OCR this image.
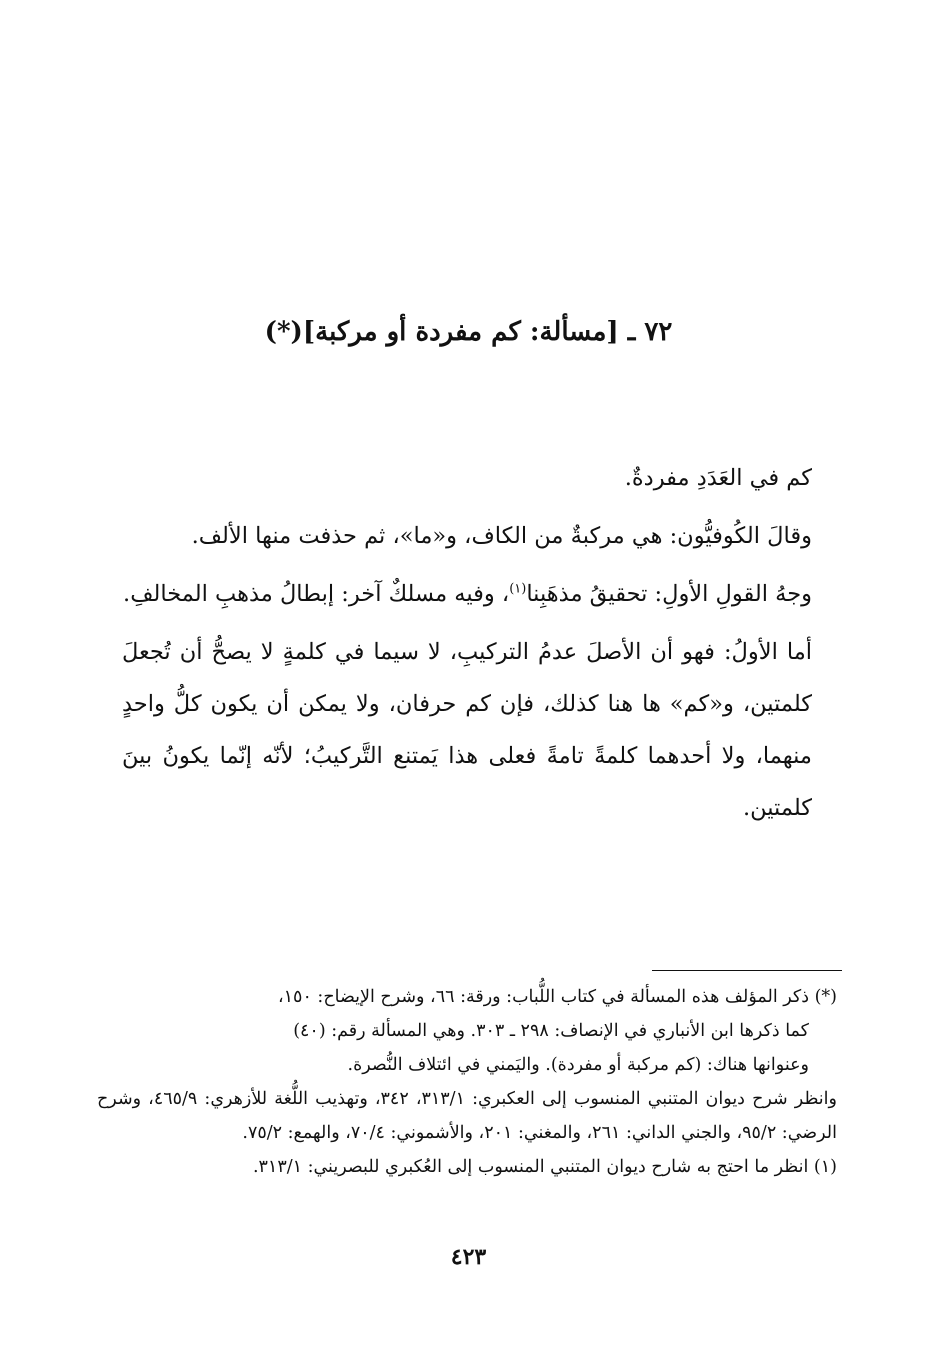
٧٢ ـ [مسألة: كم مفردة أو مركبة](*)

كم في العَدَدِ مفردةٌ.

وقالَ الكُوفيُّون: هي مركبةٌ من الكاف، و«ما»، ثم حذفت منها الألف.

وجهُ القولِ الأولِ: تحقيقُ مذهَبِنا$^{(١)}$، وفيه مسلكٌ آخر: إبطالُ مذهبِ المخالفِ.

أما الأولُ: فهو أن الأصلَ عدمُ التركيبِ، لا سيما في كلمةٍ لا يصحُّ أن تُجعلَ كلمتين، و«كم» ها هنا كذلك، فإن كم حرفان، ولا يمكن أن يكون كلُّ واحدٍ منهما، ولا أحدهما كلمةً تامةً فعلى هذا يَمتنع التَّركيبُ؛ لأنّه إنّما يكونُ بينَ كلمتين.

(*) ذكر المؤلف هذه المسألة في كتاب اللُّباب: ورقة: ٦٦، وشرح الإيضاح: ١٥٠،

كما ذكرها ابن الأنباري في الإنصاف: ٢٩٨ ـ ٣٠٣. وهي المسألة رقم: (٤٠)

وعنوانها هناك: (كم مركبة أو مفردة). واليَمني في ائتلاف النُّصرة.

وانظر شرح ديوان المتنبي المنسوب إلى العكبري: ٣١٣/١، ٣٤٢، وتهذيب اللُّغة للأزهري: ٤٦٥/٩، وشرح الرضي: ٩٥/٢، والجني الداني: ٢٦١، والمغني: ٢٠١، والأشموني: ٧٠/٤، والهمع: ٧٥/٢.

(١) انظر ما احتج به شارح ديوان المتنبي المنسوب إلى العُكبري للبصريني: ٣١٣/١.

٤٢٣
